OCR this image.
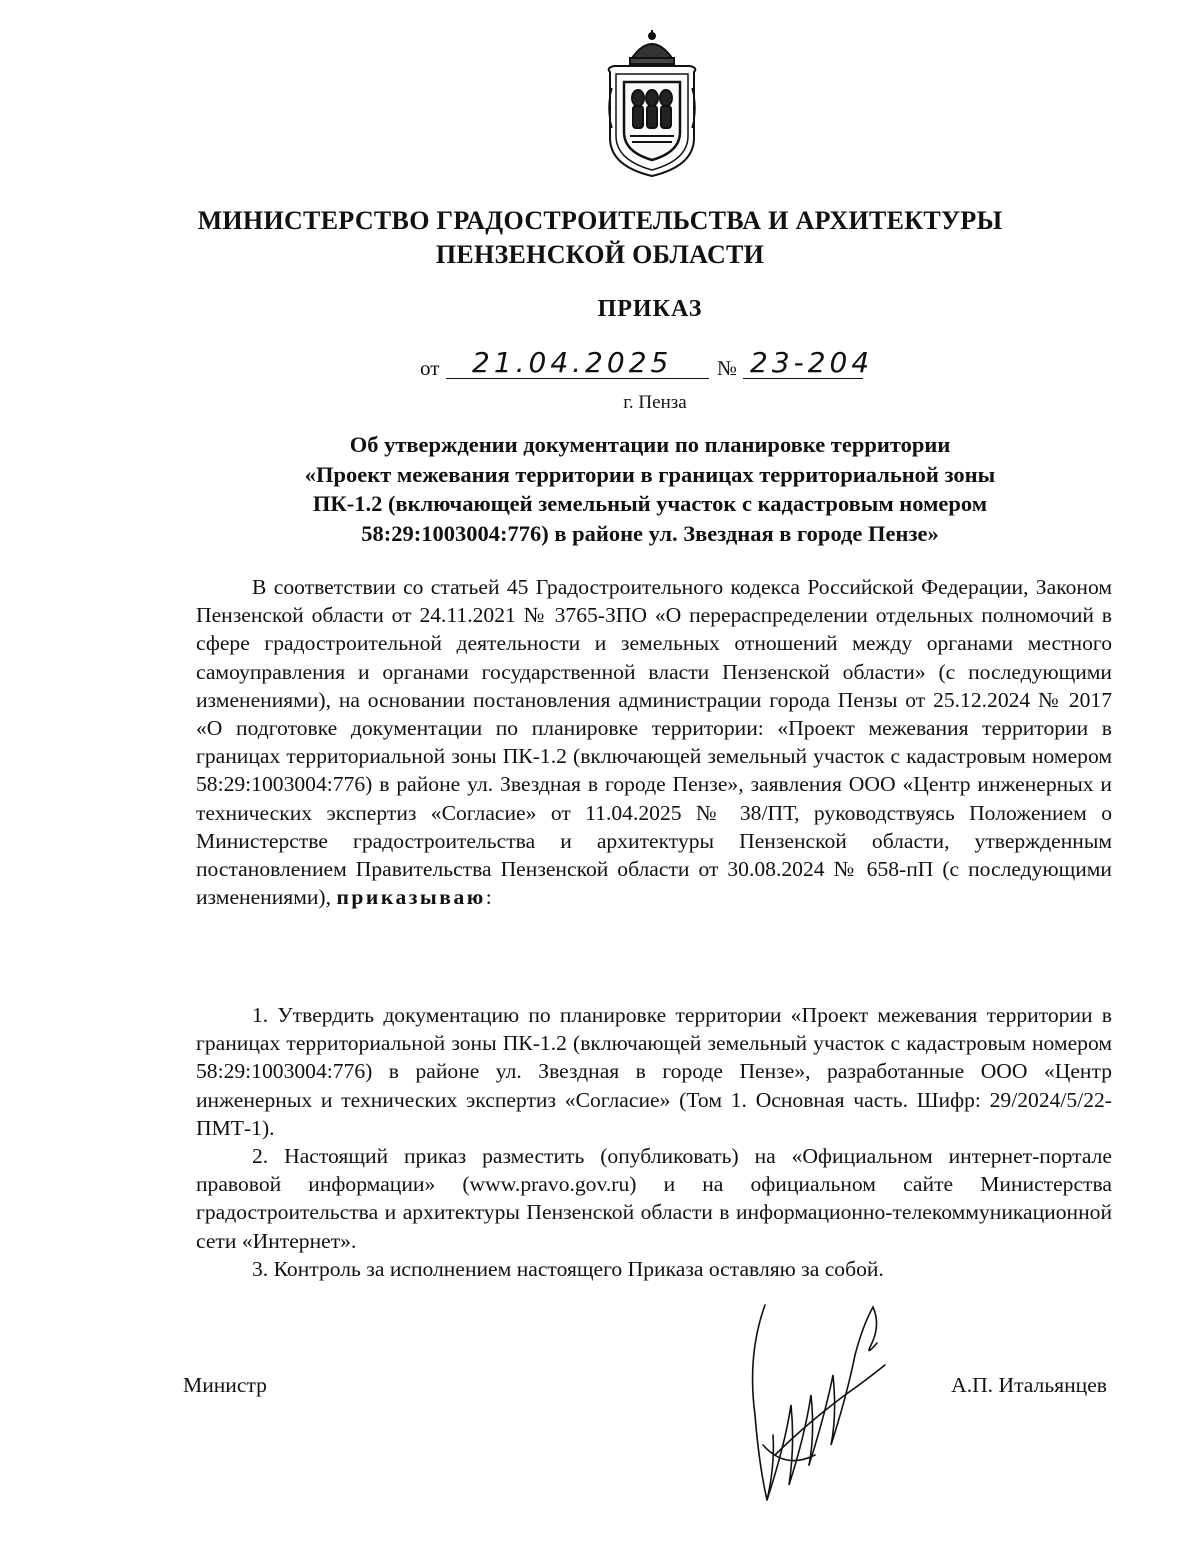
МИНИСТЕРСТВО ГРАДОСТРОИТЕЛЬСТВА И АРХИТЕКТУРЫ
ПЕНЗЕНСКОЙ ОБЛАСТИ
ПРИКАЗ
от 21.04.2025 № 23-204
г. Пенза
Об утверждении документации по планировке территории
«Проект межевания территории в границах территориальной зоны
ПК-1.2 (включающей земельный участок с кадастровым номером
58:29:1003004:776) в районе ул. Звездная в городе Пензе»

В соответствии со статьей 45 Градостроительного кодекса Российской Федерации, Законом Пензенской области от 24.11.2021 № 3765-ЗПО «О перераспределении отдельных полномочий в сфере градостроительной деятельности и земельных отношений между органами местного самоуправления и органами государственной власти Пензенской области» (с последующими изменениями), на основании постановления администрации города Пензы от 25.12.2024 № 2017 «О подготовке документации по планировке территории: «Проект межевания территории в границах территориальной зоны ПК-1.2 (включающей земельный участок с кадастровым номером 58:29:1003004:776) в районе ул. Звездная в городе Пензе», заявления ООО «Центр инженерных и технических экспертиз «Согласие» от 11.04.2025 № 38/ПТ, руководствуясь Положением о Министерстве градостроительства и архитектуры Пензенской области, утвержденным постановлением Правительства Пензенской области от 30.08.2024 № 658-пП (с последующими изменениями), приказываю:

1. Утвердить документацию по планировке территории «Проект межевания территории в границах территориальной зоны ПК-1.2 (включающей земельный участок с кадастровым номером 58:29:1003004:776) в районе ул. Звездная в городе Пензе», разработанные ООО «Центр инженерных и технических экспертиз «Согласие» (Том 1. Основная часть. Шифр: 29/2024/5/22-ПМТ-1).

2. Настоящий приказ разместить (опубликовать) на «Официальном интернет-портале правовой информации» (www.pravo.gov.ru) и на официальном сайте Министерства градостроительства и архитектуры Пензенской области в информационно-телекоммуникационной сети «Интернет».

3. Контроль за исполнением настоящего Приказа оставляю за собой.

Министр	А.П. Итальянцев
